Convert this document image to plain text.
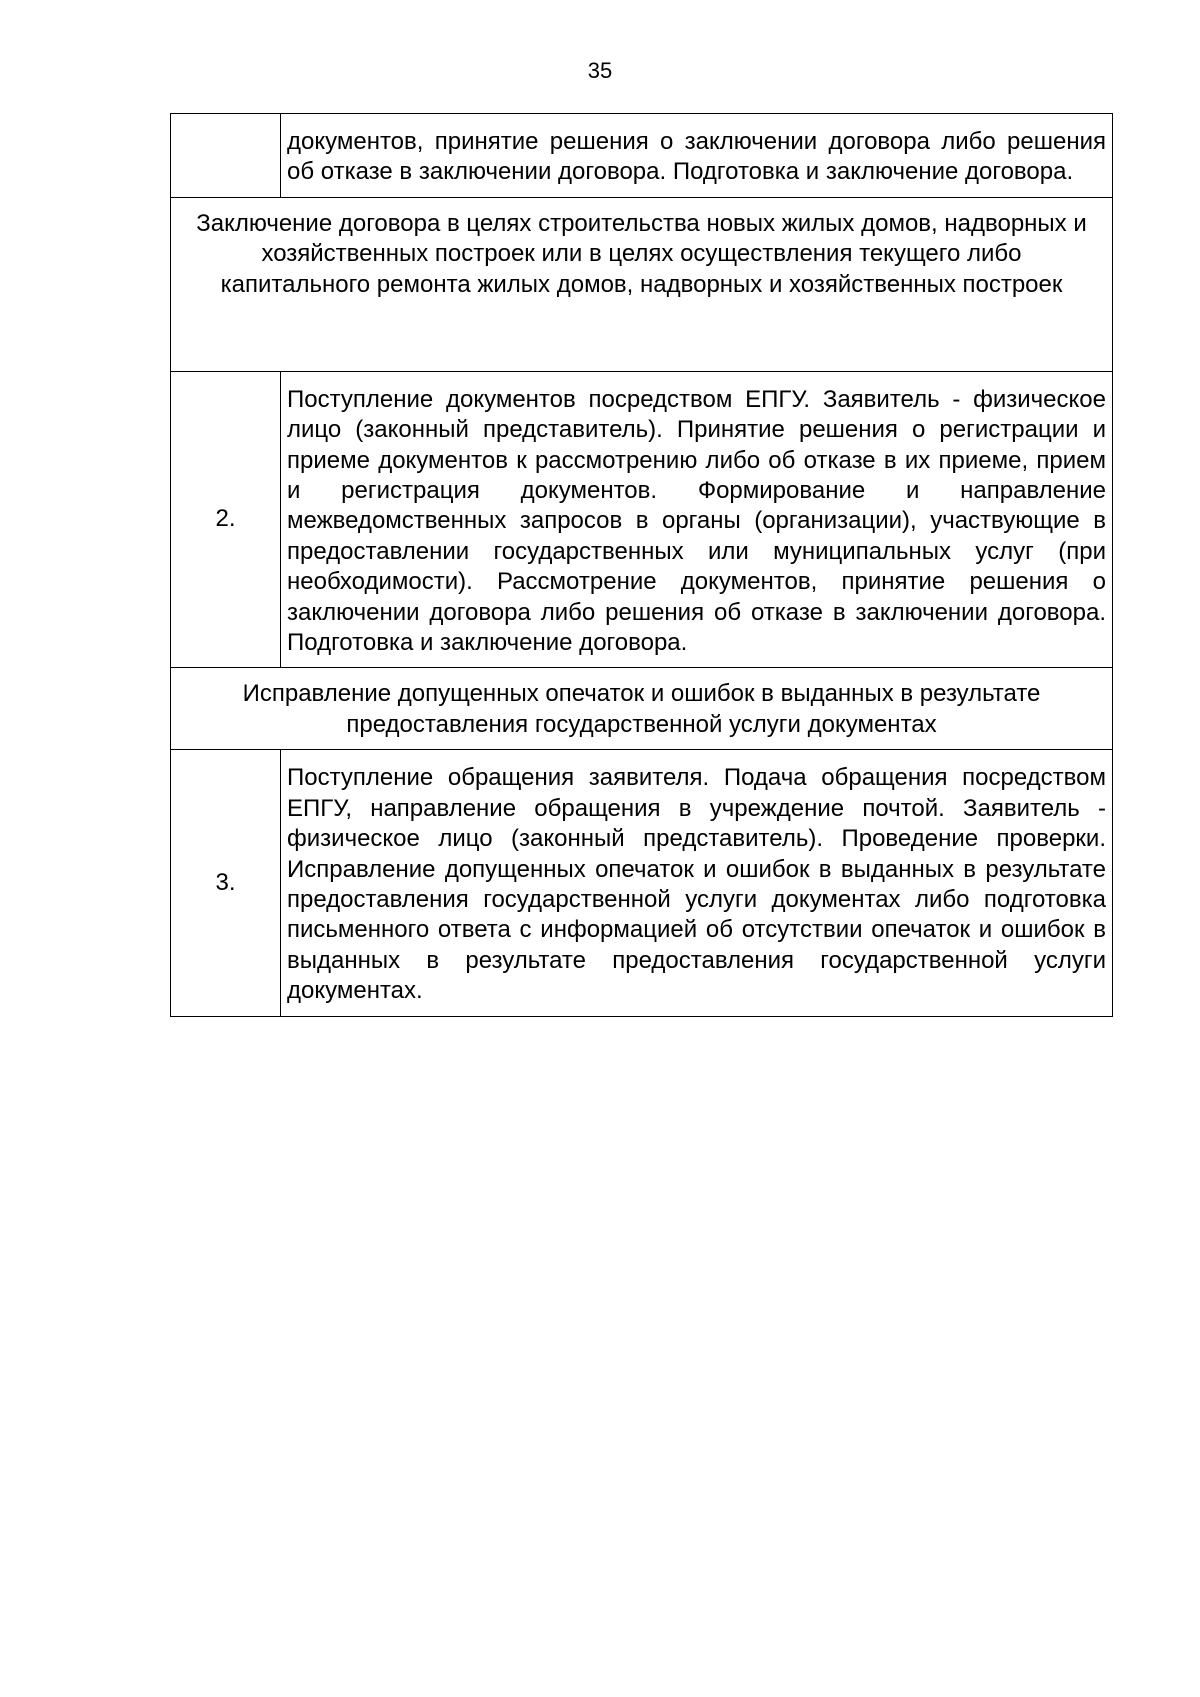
35
	документов, принятие решения о заключении договора либо решения об отказе в заключении договора. Подготовка и заключение договора.
Заключение договора в целях строительства новых жилых домов, надворных и хозяйственных построек или в целях осуществления текущего либо капитального ремонта жилых домов, надворных и хозяйственных построек	
2.	Поступление документов посредством ЕПГУ. Заявитель - физическое лицо (законный представитель). Принятие решения о регистрации и приеме документов к рассмотрению либо об отказе в их приеме, прием и регистрация документов. Формирование и направление межведомственных запросов в органы (организации), участвующие в предоставлении государственных или муниципальных услуг (при необходимости). Рассмотрение документов, принятие решения о заключении договора либо решения об отказе в заключении договора. Подготовка и заключение договора.
Исправление допущенных опечаток и ошибок в выданных в результате предоставления государственной услуги документах	
3.	Поступление обращения заявителя. Подача обращения посредством ЕПГУ, направление обращения в учреждение почтой. Заявитель - физическое лицо (законный представитель). Проведение проверки. Исправление допущенных опечаток и ошибок в выданных в результате предоставления государственной услуги документах либо подготовка письменного ответа с информацией об отсутствии опечаток и ошибок в выданных в результате предоставления государственной услуги документах.
